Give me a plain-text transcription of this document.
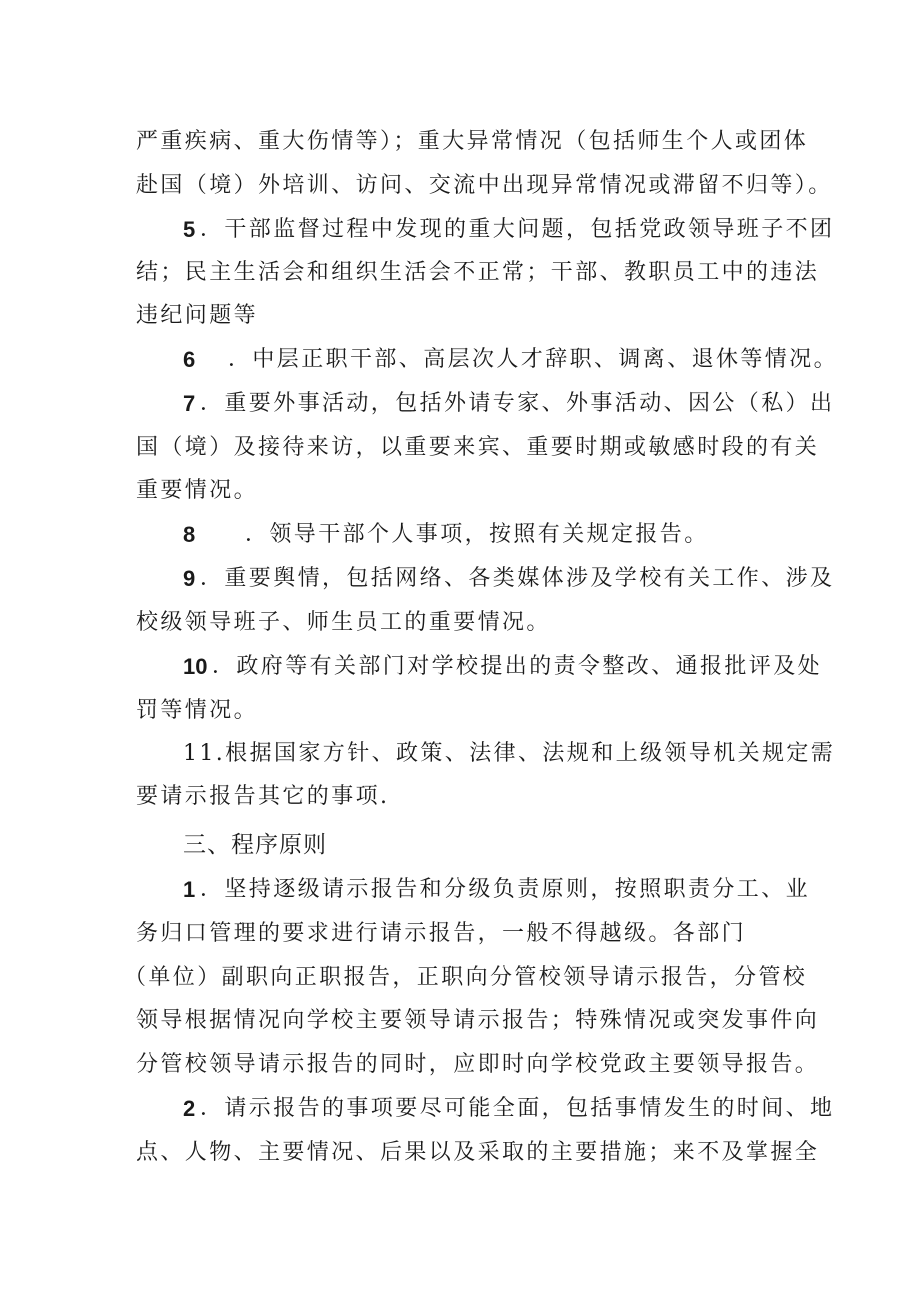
严重疾病、重大伤情等）；重大异常情况（包括师生个人或团体
赴国（境）外培训、访问、交流中出现异常情况或滞留不归等）。
5 ．干部监督过程中发现的重大问题，包括党政领导班子不团
结；民主生活会和组织生活会不正常；干部、教职员工中的违法
违纪问题等
6 ．中层正职干部、高层次人才辞职、调离、退休等情况。
7 ．重要外事活动，包括外请专家、外事活动、因公（私）出
国（境）及接待来访，以重要来宾、重要时期或敏感时段的有关
重要情况。
8 ．领导干部个人事项，按照有关规定报告。
9 ．重要舆情，包括网络、各类媒体涉及学校有关工作、涉及
校级领导班子、师生员工的重要情况。
10 ．政府等有关部门对学校提出的责令整改、通报批评及处
罚等情况。
11.根据国家方针、政策、法律、法规和上级领导机关规定需
要请示报告其它的事项.
三、程序原则
1 ．坚持逐级请示报告和分级负责原则，按照职责分工、业
务归口管理的要求进行请示报告，一般不得越级。各部门
（单位）副职向正职报告，正职向分管校领导请示报告，分管校
领导根据情况向学校主要领导请示报告；特殊情况或突发事件向
分管校领导请示报告的同时，应即时向学校党政主要领导报告。
2 ．请示报告的事项要尽可能全面，包括事情发生的时间、地
点、人物、主要情况、后果以及采取的主要措施；来不及掌握全
